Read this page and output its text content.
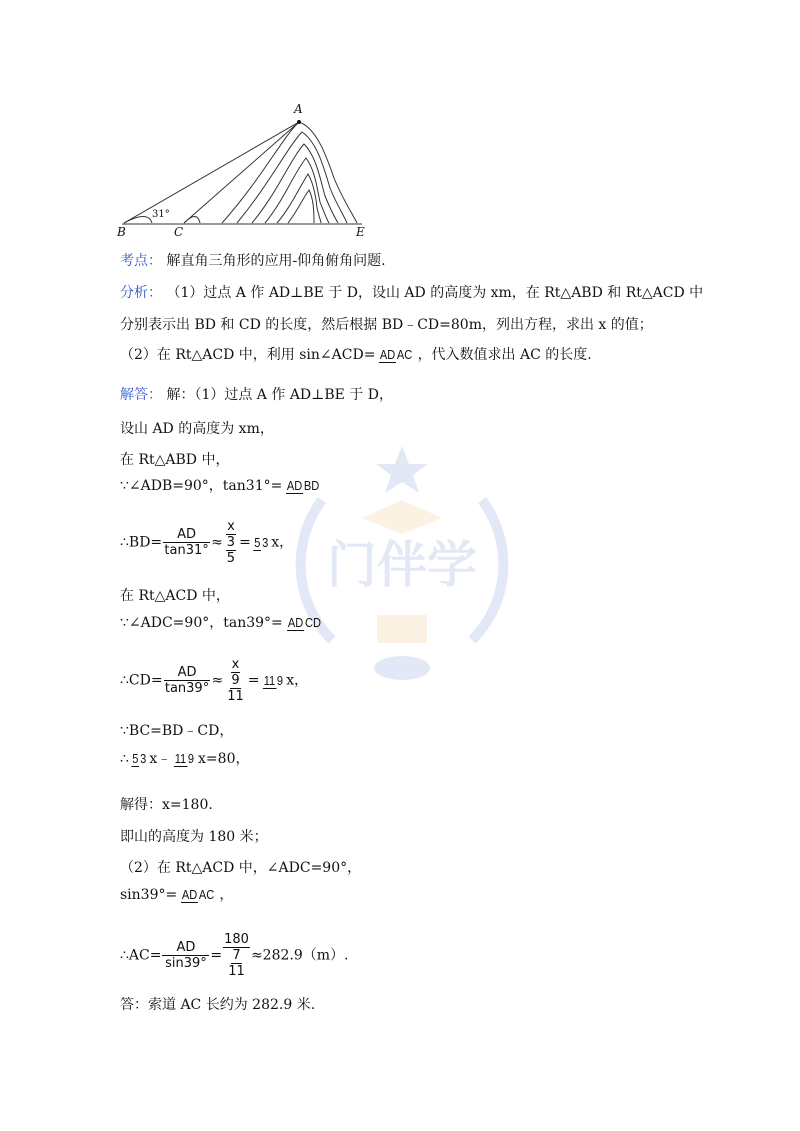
门伴学
A
B	C	E
31°
考点： 解直角三角形的应用-仰角俯角问题.
分析： （1）过点 A 作 AD⊥BE 于 D，设山 AD 的高度为 xm，在 Rt△ABD 和 Rt△ACD 中
分别表示出 BD 和 CD 的长度，然后根据 BD﹣CD=80m，列出方程，求出 x 的值；
（2）在 Rt△ACD 中，利用 sin∠ACD= AD AC ，代入数值求出 AC 的长度.
解答： 解：（1）过点 A 作 AD⊥BE 于 D，
设山 AD 的高度为 xm，
在 Rt△ABD 中，
∵∠ADB=90°，tan31°= AD BD
∴BD= $\frac{AD}{\tan 31^\circ} \approx \frac{x}{\frac{3}{5}} = 5$ 3 x，
在 Rt△ACD 中，
∵∠ADC=90°，tan39°= AD CD
∴CD= $\frac{AD}{\tan 39^\circ} \approx \frac{x}{\frac{9}{11}} = 11$ 9 x，
∵BC=BD﹣CD，
∴ 5 3 x﹣ 11 9 x=80，
解得：x=180.
即山的高度为 180 米；
（2）在 Rt△ACD 中，∠ADC=90°，
sin39°= AD AC ，
∴AC= $\frac{AD}{\sin 39^\circ} = \frac{180}{\frac{7}{11}} \approx 282.9(m)$.
答：索道 AC 长约为 282.9 米.
